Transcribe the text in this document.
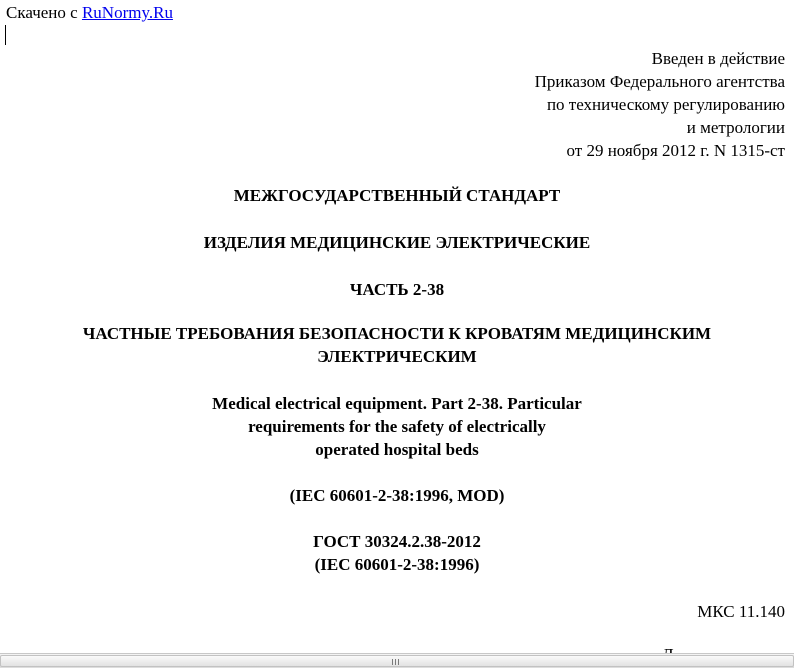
Скачено с RuNormy.Ru
Введен в действие
Приказом Федерального агентства
по техническому регулированию
и метрологии
от 29 ноября 2012 г. N 1315-ст
МЕЖГОСУДАРСТВЕННЫЙ СТАНДАРТ
ИЗДЕЛИЯ МЕДИЦИНСКИЕ ЭЛЕКТРИЧЕСКИЕ
ЧАСТЬ 2-38
ЧАСТНЫЕ ТРЕБОВАНИЯ БЕЗОПАСНОСТИ К КРОВАТЯМ МЕДИЦИНСКИМ
ЭЛЕКТРИЧЕСКИМ
Medical electrical equipment. Part 2-38. Particular
requirements for the safety of electrically
operated hospital beds
(IEC 60601-2-38:1996, MOD)
ГОСТ 30324.2.38-2012
(IEC 60601-2-38:1996)
МКС 11.140
